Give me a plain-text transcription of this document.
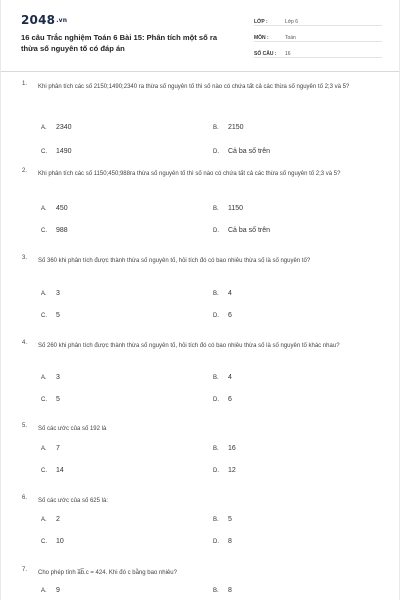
2048.vn
16 câu Trắc nghiệm Toán 6 Bài 15: Phân tích một số ra thừa số nguyên tố có đáp án
LỚP :	Lớp 6
MÔN :	Toán
SỐ CÂU :	16
1. Khi phân tích các số 2150;1490;2340 ra thừa số nguyên tố thì số nào có chứa tất cả các thừa số nguyên tố 2;3 và 5?
A. 2340	B. 2150
C. 1490	D. Cả ba số trên
2. Khi phân tích các số 1150;450;988ra thừa số nguyên tố thì số nào có chứa tất cả các thừa số nguyên tố 2;3 và 5?
A. 450	B. 1150
C. 988	D. Cả ba số trên
3. Số 360 khi phân tích được thành thừa số nguyên tố, hỏi tích đó có bao nhiêu thừa số là số nguyên tố?
A. 3	B. 4
C. 5	D. 6
4. Số 260 khi phân tích được thành thừa số nguyên tố, hỏi tích đó có bao nhiêu thừa số là số nguyên tố khác nhau?
A. 3	B. 4
C. 5	D. 6
5. Số các ước của số 192 là
A. 7	B. 16
C. 14	D. 12
6. Số các ước của số 625 là:
A. 2	B. 5
C. 10	D. 8
7. Cho phép tính a̅b̅.c = 424. Khi đó c bằng bao nhiêu?
A. 9	B. 8
